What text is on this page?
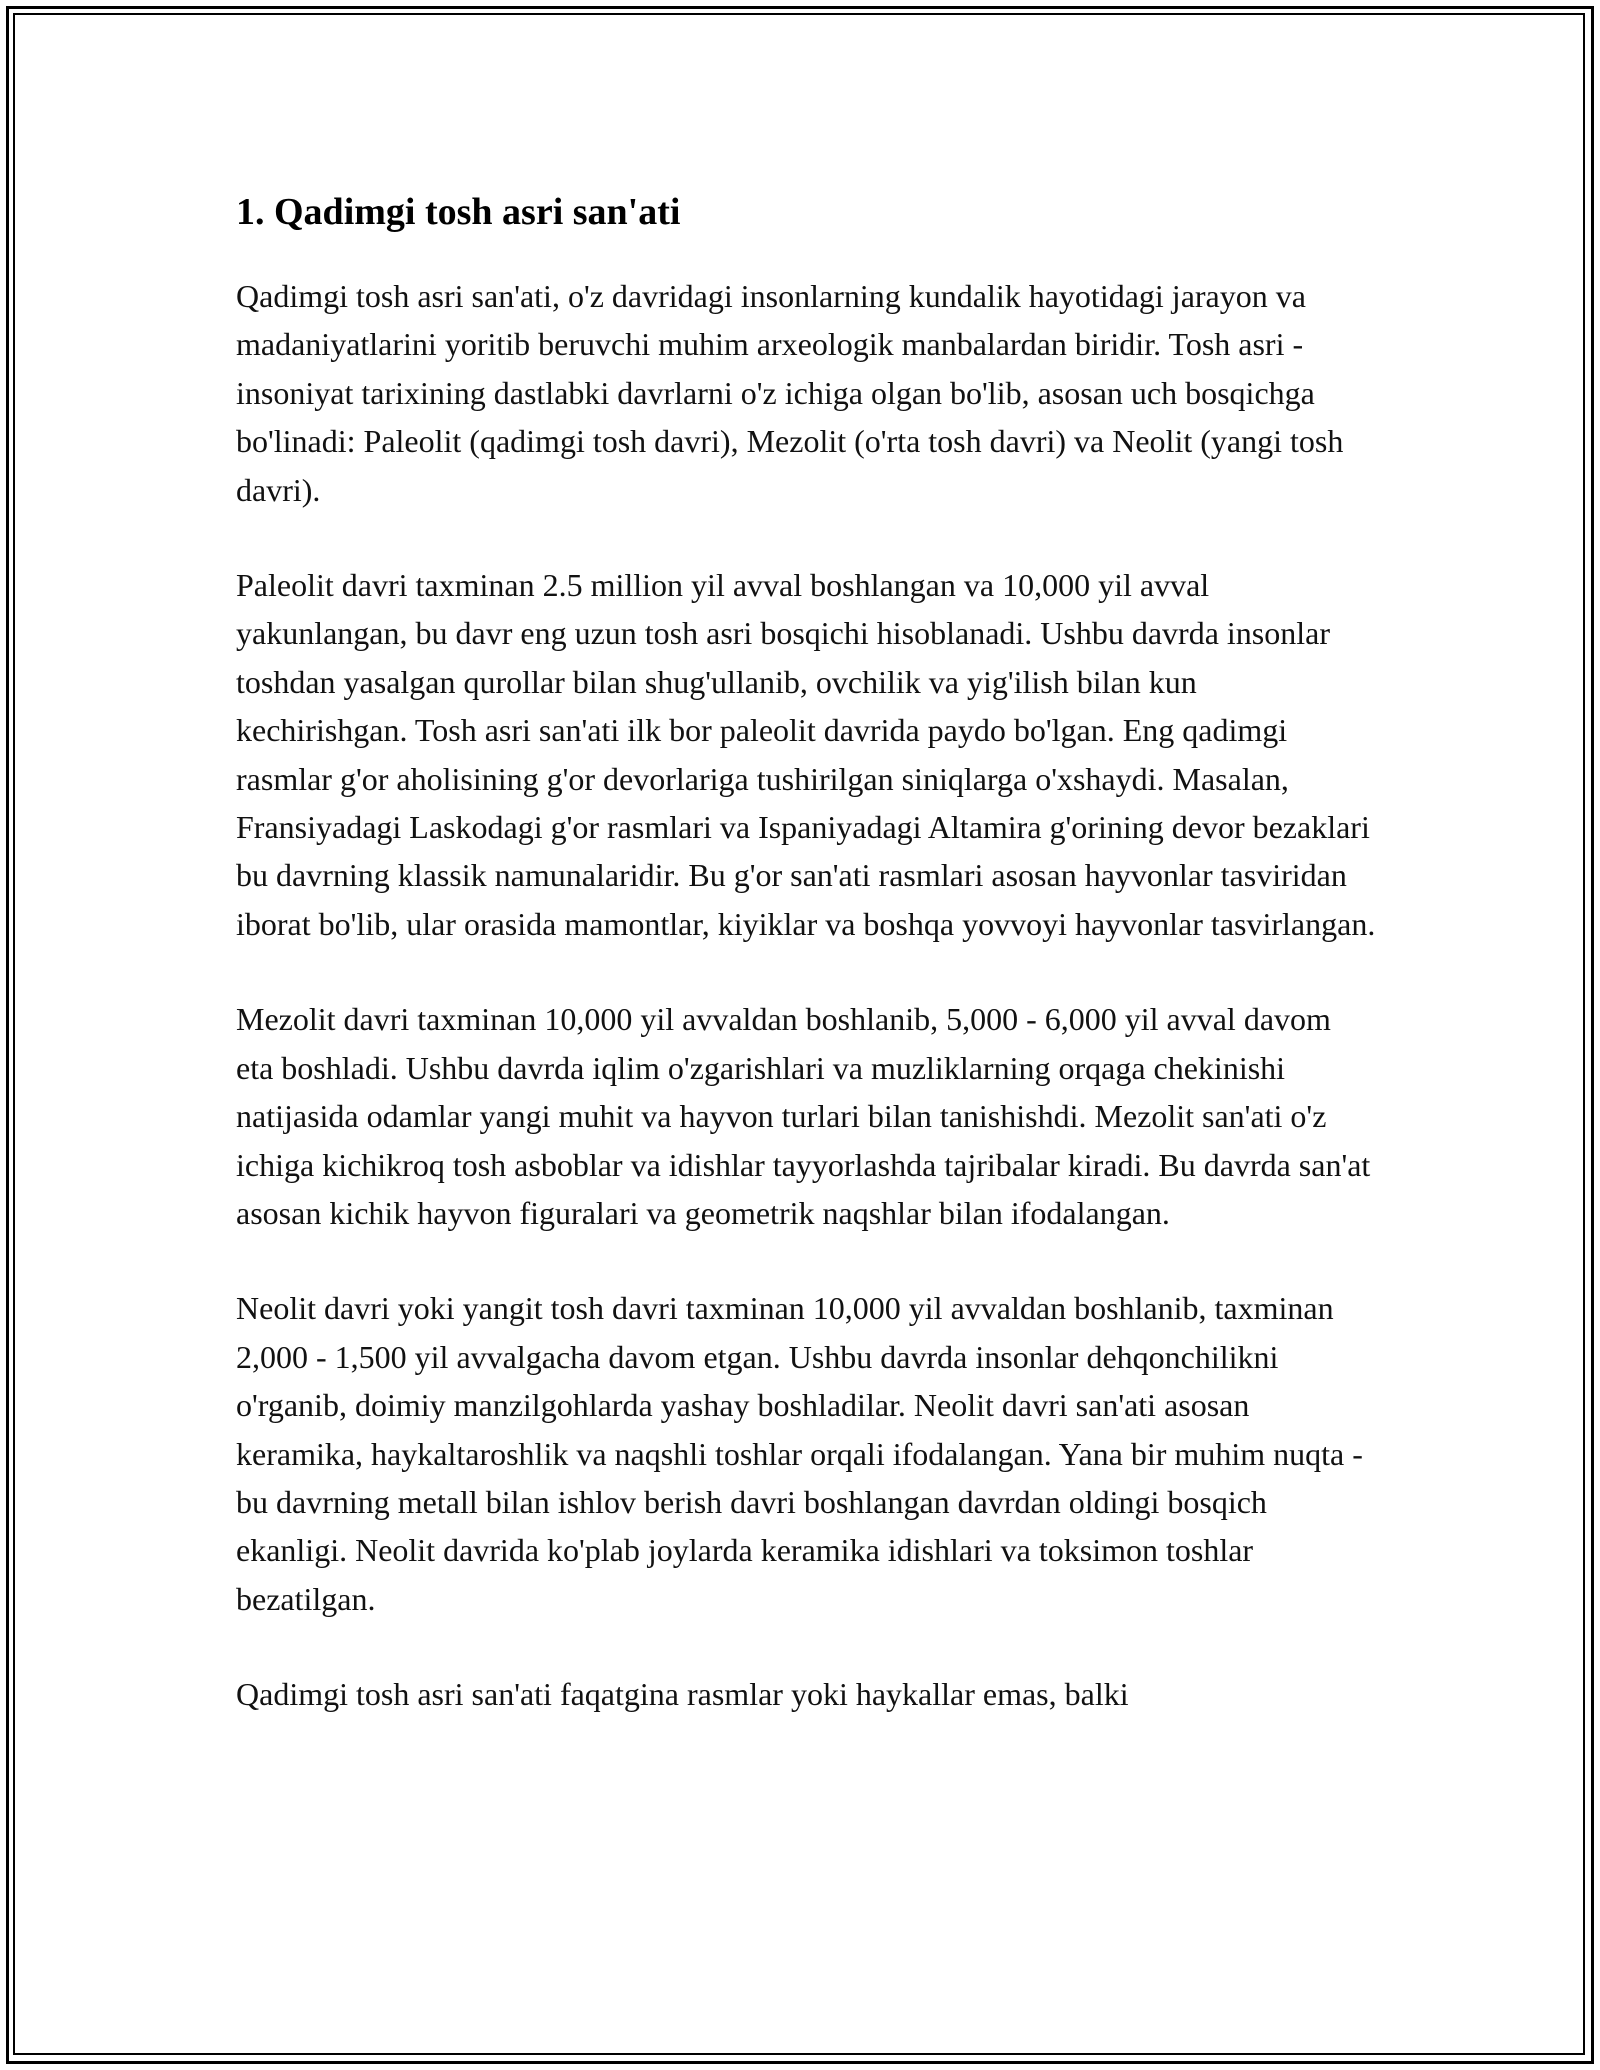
1. Qadimgi tosh asri san'ati

Qadimgi tosh asri san'ati, o'z davridagi insonlarning kundalik hayotidagi jarayon va madaniyatlarini yoritib beruvchi muhim arxeologik manbalardan biridir. Tosh asri - insoniyat tarixining dastlabki davrlarni o'z ichiga olgan bo'lib, asosan uch bosqichga bo'linadi: Paleolit (qadimgi tosh davri), Mezolit (o'rta tosh davri) va Neolit (yangi tosh davri).

Paleolit davri taxminan 2.5 million yil avval boshlangan va 10,000 yil avval yakunlangan, bu davr eng uzun tosh asri bosqichi hisoblanadi. Ushbu davrda insonlar toshdan yasalgan qurollar bilan shug'ullanib, ovchilik va yig'ilish bilan kun kechirishgan. Tosh asri san'ati ilk bor paleolit davrida paydo bo'lgan. Eng qadimgi rasmlar g'or aholisining g'or devorlariga tushirilgan siniqlarga o'xshaydi. Masalan, Fransiyadagi Laskodagi g'or rasmlari va Ispaniyadagi Altamira g'orining devor bezaklari bu davrning klassik namunalaridir. Bu g'or san'ati rasmlari asosan hayvonlar tasviridan iborat bo'lib, ular orasida mamontlar, kiyiklar va boshqa yovvoyi hayvonlar tasvirlangan.

Mezolit davri taxminan 10,000 yil avvaldan boshlanib, 5,000 - 6,000 yil avval davom eta boshladi. Ushbu davrda iqlim o'zgarishlari va muzliklarning orqaga chekinishi natijasida odamlar yangi muhit va hayvon turlari bilan tanishishdi. Mezolit san'ati o'z ichiga kichikroq tosh asboblar va idishlar tayyorlashda tajribalar kiradi. Bu davrda san'at asosan kichik hayvon figuralari va geometrik naqshlar bilan ifodalangan.

Neolit davri yoki yangit tosh davri taxminan 10,000 yil avvaldan boshlanib, taxminan 2,000 - 1,500 yil avvalgacha davom etgan. Ushbu davrda insonlar dehqonchilikni o'rganib, doimiy manzilgohlarda yashay boshladilar. Neolit davri san'ati asosan keramika, haykaltaroshlik va naqshli toshlar orqali ifodalangan. Yana bir muhim nuqta - bu davrning metall bilan ishlov berish davri boshlangan davrdan oldingi bosqich ekanligi. Neolit davrida ko'plab joylarda keramika idishlari va toksimon toshlar bezatilgan.

Qadimgi tosh asri san'ati faqatgina rasmlar yoki haykallar emas, balki
